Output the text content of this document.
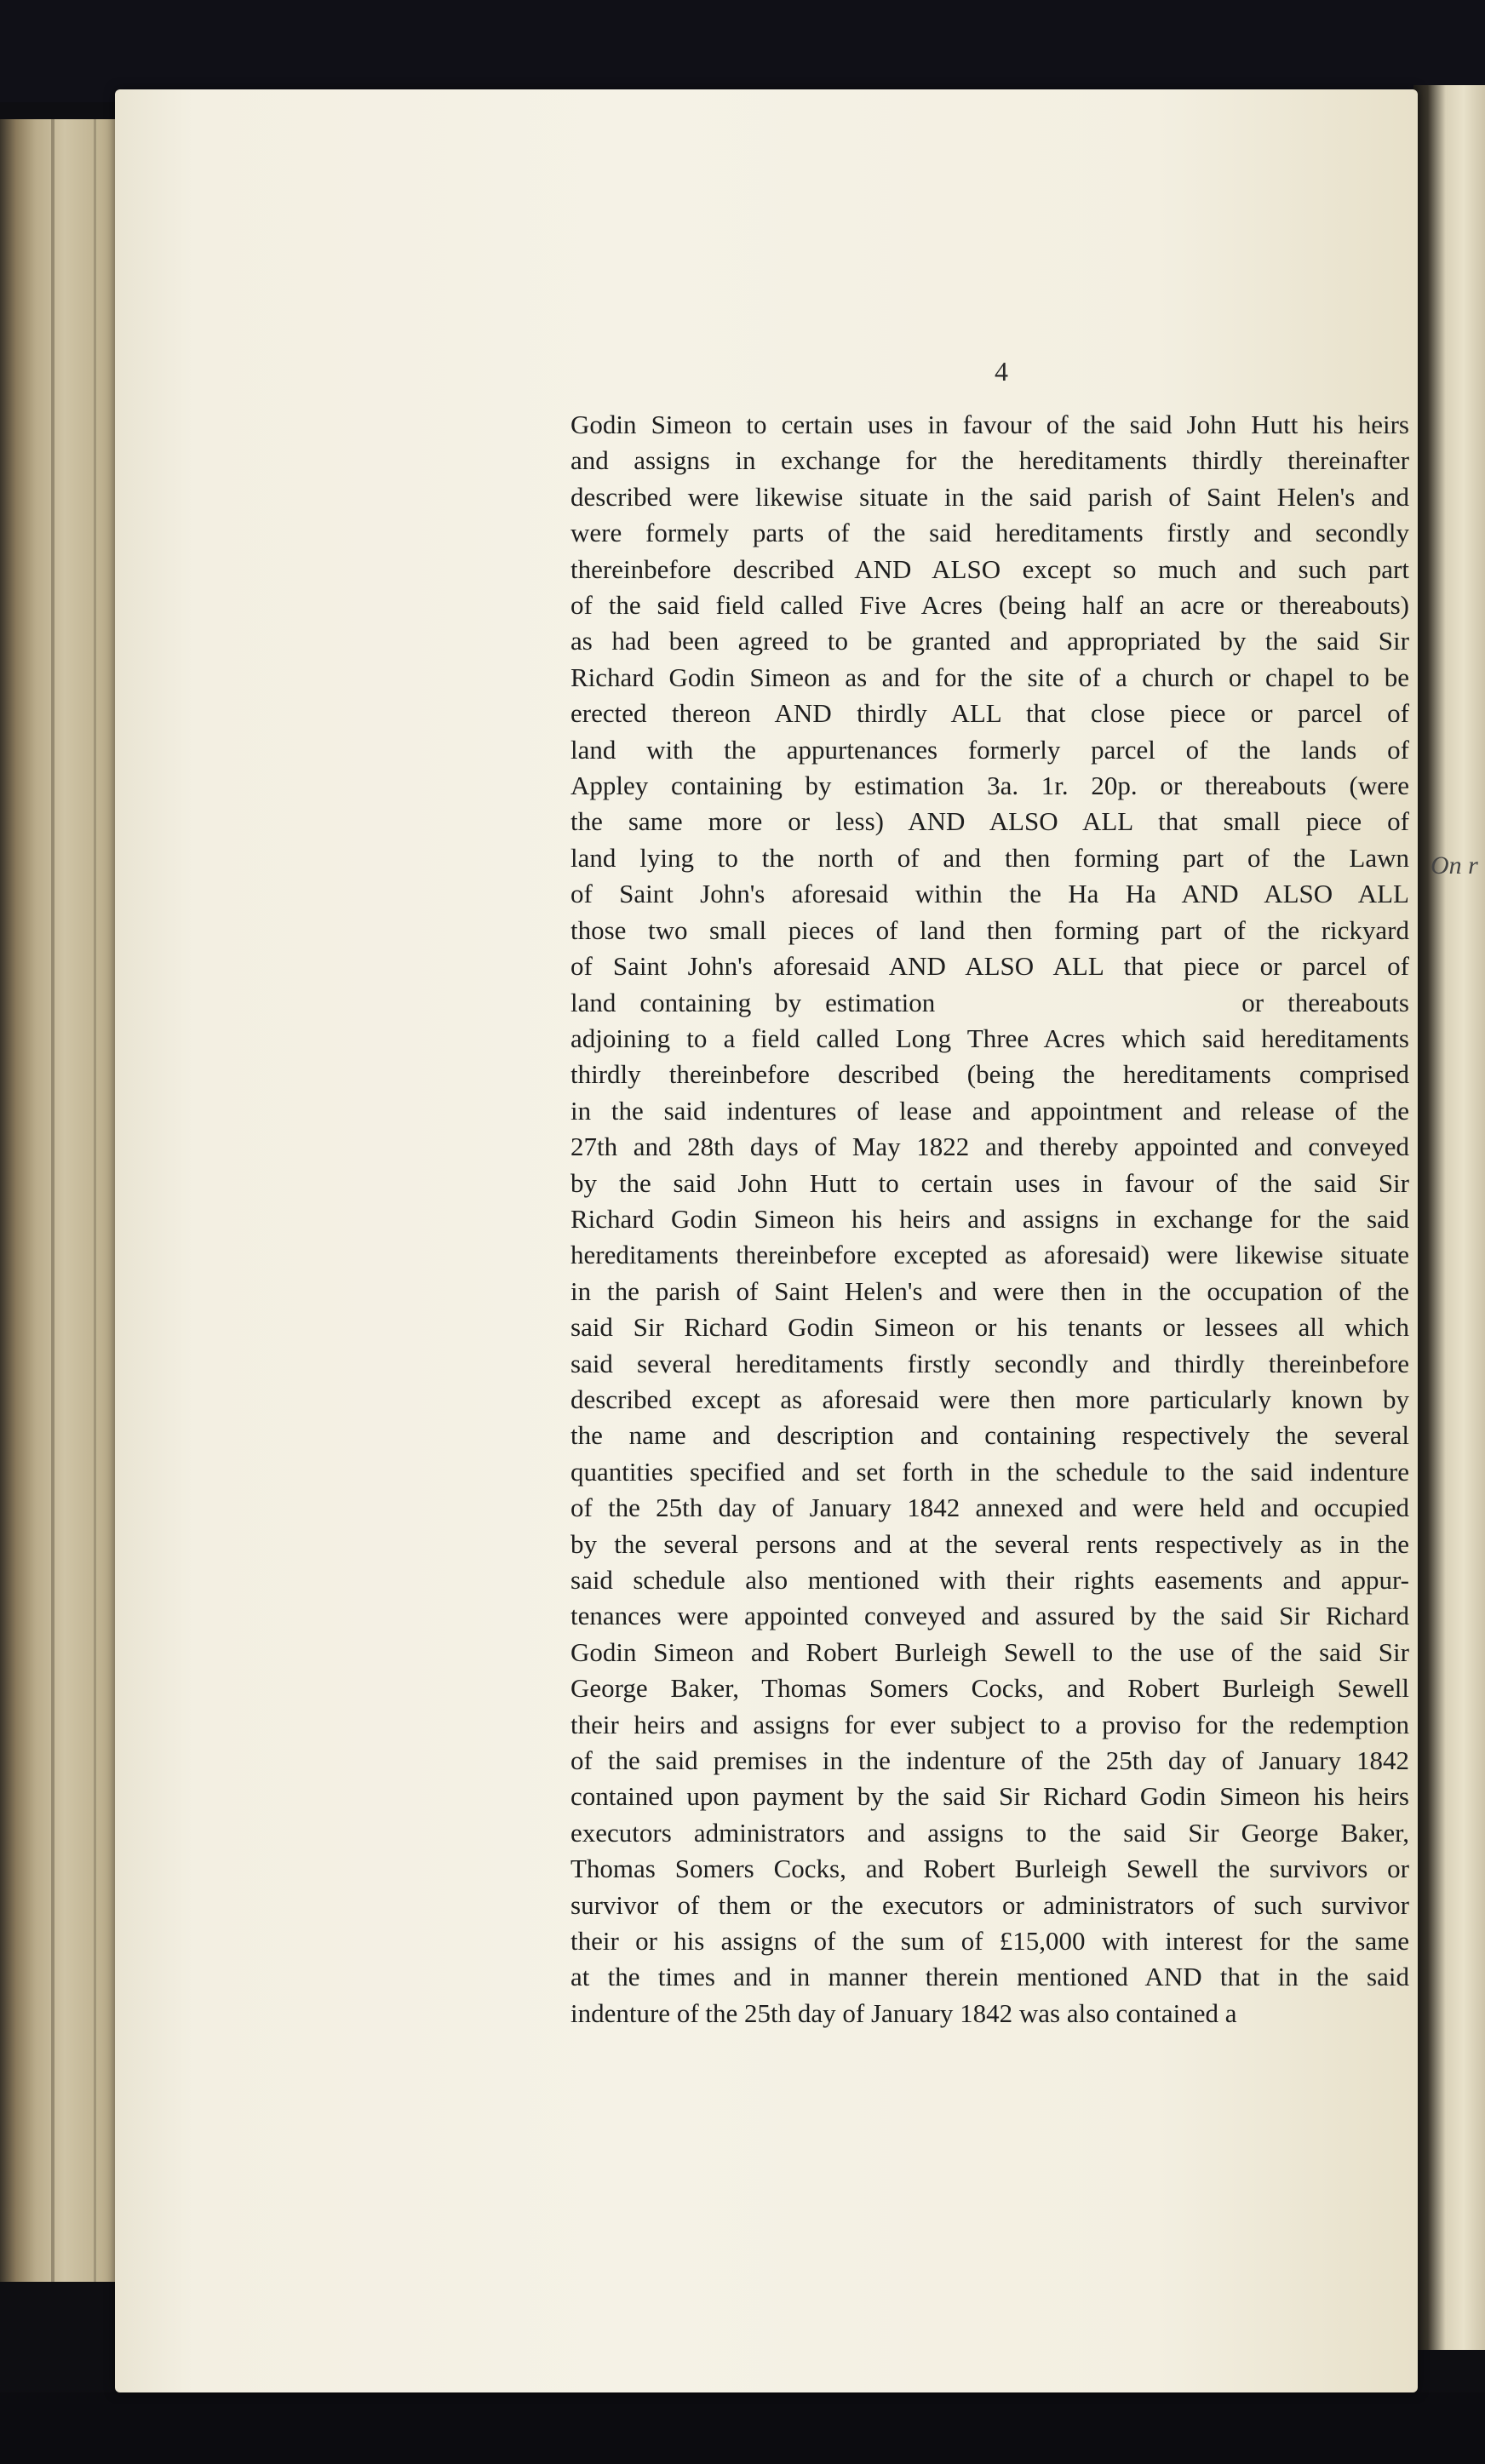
On r
4
Godin Simeon to certain uses in favour of the said John Hutt his heirs
and assigns in exchange for the hereditaments thirdly thereinafter
described were likewise situate in the said parish of Saint Helen's and
were formely parts of the said hereditaments firstly and secondly
thereinbefore described AND ALSO except so much and such part
of the said field called Five Acres (being half an acre or thereabouts)
as had been agreed to be granted and appropriated by the said Sir
Richard Godin Simeon as and for the site of a church or chapel to be
erected thereon AND thirdly ALL that close piece or parcel of
land with the appurtenances formerly parcel of the lands of
Appley containing by estimation 3a. 1r. 20p. or thereabouts (were
the same more or less) AND ALSO ALL that small piece of
land lying to the north of and then forming part of the Lawn
of Saint John's aforesaid within the Ha Ha AND ALSO ALL
those two small pieces of land then forming part of the rickyard
of Saint John's aforesaid AND ALSO ALL that piece or parcel of
land containing by estimation	or thereabouts
adjoining to a field called Long Three Acres which said hereditaments
thirdly thereinbefore described (being the hereditaments comprised
in the said indentures of lease and appointment and release of the
27th and 28th days of May 1822 and thereby appointed and conveyed
by the said John Hutt to certain uses in favour of the said Sir
Richard Godin Simeon his heirs and assigns in exchange for the said
hereditaments thereinbefore excepted as aforesaid) were likewise situate
in the parish of Saint Helen's and were then in the occupation of the
said Sir Richard Godin Simeon or his tenants or lessees all which
said several hereditaments firstly secondly and thirdly thereinbefore
described except as aforesaid were then more particularly known by
the name and description and containing respectively the several
quantities specified and set forth in the schedule to the said indenture
of the 25th day of January 1842 annexed and were held and occupied
by the several persons and at the several rents respectively as in the
said schedule also mentioned with their rights easements and appur-
tenances were appointed conveyed and assured by the said Sir Richard
Godin Simeon and Robert Burleigh Sewell to the use of the said Sir
George Baker, Thomas Somers Cocks, and Robert Burleigh Sewell
their heirs and assigns for ever subject to a proviso for the redemption
of the said premises in the indenture of the 25th day of January 1842
contained upon payment by the said Sir Richard Godin Simeon his heirs
executors administrators and assigns to the said Sir George Baker,
Thomas Somers Cocks, and Robert Burleigh Sewell the survivors or
survivor of them or the executors or administrators of such survivor
their or his assigns of the sum of £15,000 with interest for the same
at the times and in manner therein mentioned AND that in the said
indenture of the 25th day of January 1842 was also contained a
